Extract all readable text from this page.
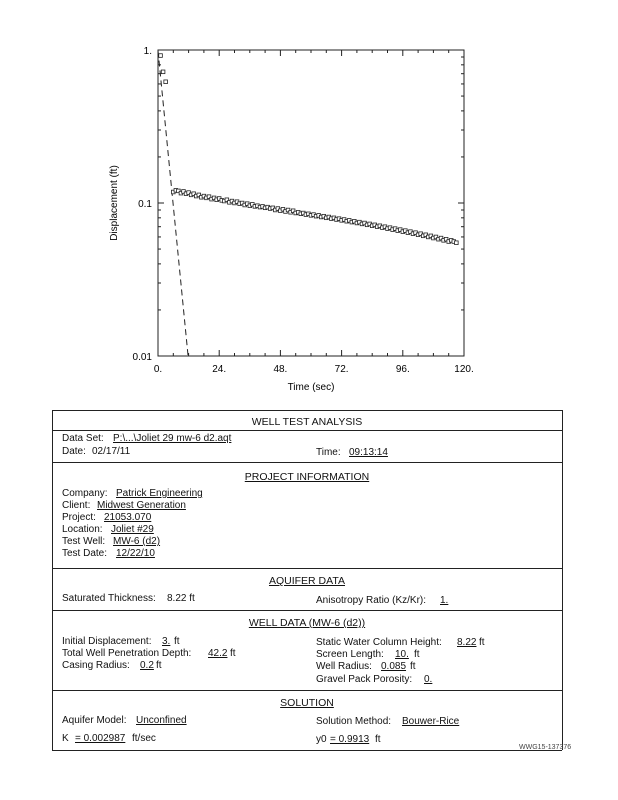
0.	24.	48.	72.	96.	120.
1.
0.1
0.01
Time (sec)
Displacement (ft)
WELL TEST ANALYSIS
Data Set: P:\...\Joliet 29 mw-6 d2.aqt
Date: 02/17/11	Time: 09:13:14
PROJECT INFORMATION
Company: Patrick Engineering
Client: Midwest Generation
Project: 21053.070
Location: Joliet #29
Test Well: MW-6 (d2)
Test Date: 12/22/10
AQUIFER DATA
Saturated Thickness: 8.22 ft	Anisotropy Ratio (Kz/Kr): 1.
WELL DATA (MW-6 (d2))
Initial Displacement: 3. ft
Total Well Penetration Depth: 42.2 ft
Casing Radius: 0.2 ft
Static Water Column Height: 8.22 ft
Screen Length: 10. ft
Well Radius: 0.085 ft
Gravel Pack Porosity: 0.
SOLUTION
Aquifer Model: Unconfined	Solution Method: Bouwer-Rice
K = 0.002987 ft/sec	y0 = 0.9913 ft
WWG15-137376
